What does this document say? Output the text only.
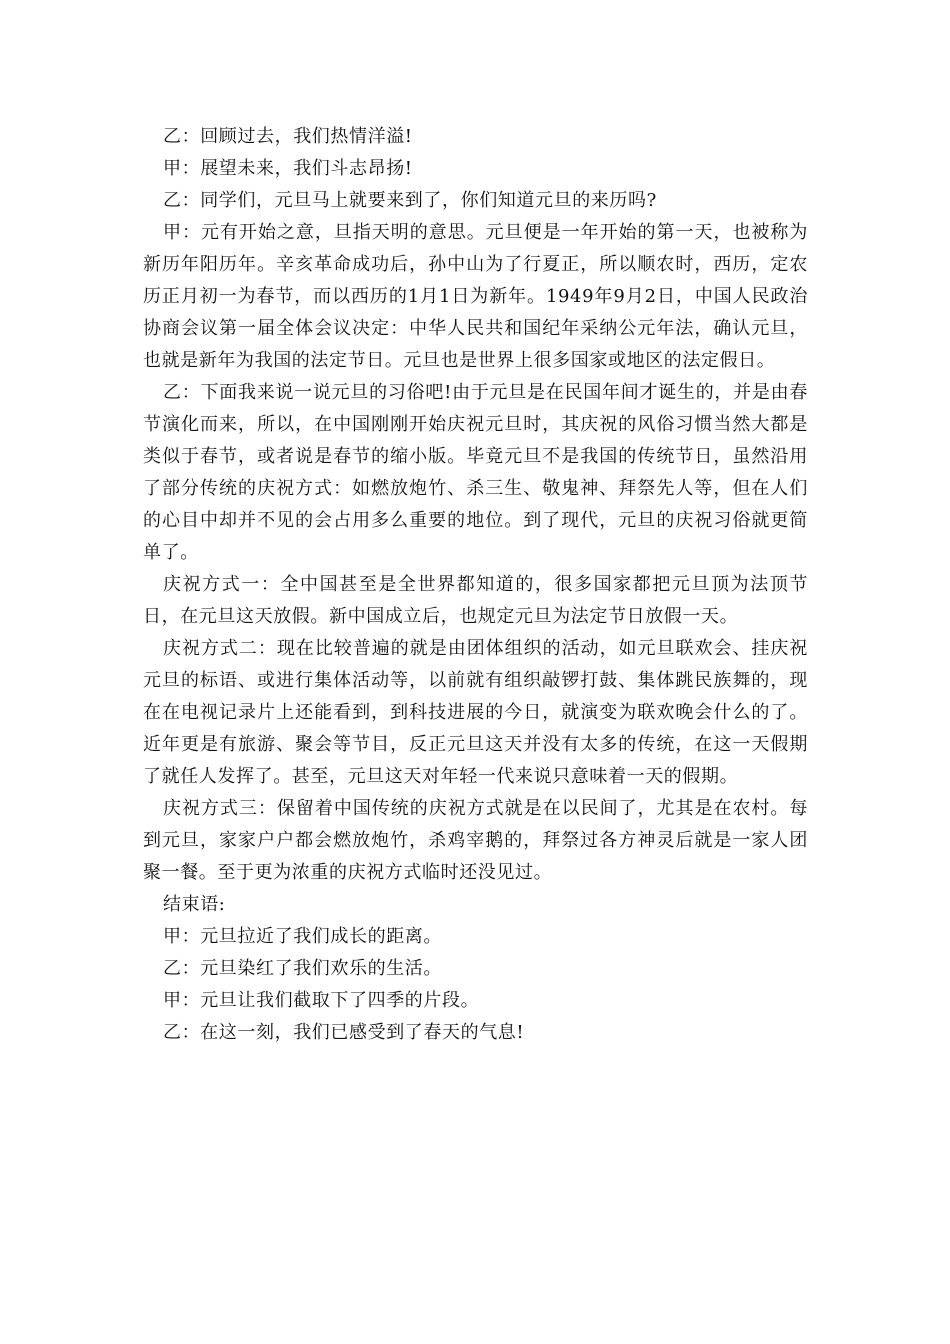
乙：回顾过去，我们热情洋溢!

甲：展望未来，我们斗志昂扬!

乙：同学们，元旦马上就要来到了，你们知道元旦的来历吗?

甲：元有开始之意，旦指天明的意思。元旦便是一年开始的第一天，也被称为新历年阳历年。辛亥革命成功后，孙中山为了行夏正，所以顺农时，西历，定农历正月初一为春节，而以西历的1月1日为新年。1949年9月2日，中国人民政治协商会议第一届全体会议决定：中华人民共和国纪年采纳公元年法，确认元旦，也就是新年为我国的法定节日。元旦也是世界上很多国家或地区的法定假日。

乙：下面我来说一说元旦的习俗吧!由于元旦是在民国年间才诞生的，并是由春节演化而来，所以，在中国刚刚开始庆祝元旦时，其庆祝的风俗习惯当然大都是类似于春节，或者说是春节的缩小版。毕竟元旦不是我国的传统节日，虽然沿用了部分传统的庆祝方式：如燃放炮竹、杀三生、敬鬼神、拜祭先人等，但在人们的心目中却并不见的会占用多么重要的地位。到了现代，元旦的庆祝习俗就更简单了。

庆祝方式一：全中国甚至是全世界都知道的，很多国家都把元旦顶为法顶节日，在元旦这天放假。新中国成立后，也规定元旦为法定节日放假一天。

庆祝方式二：现在比较普遍的就是由团体组织的活动，如元旦联欢会、挂庆祝元旦的标语、或进行集体活动等，以前就有组织敲锣打鼓、集体跳民族舞的，现在在电视记录片上还能看到，到科技进展的今日，就演变为联欢晚会什么的了。近年更是有旅游、聚会等节目，反正元旦这天并没有太多的传统，在这一天假期了就任人发挥了。甚至，元旦这天对年轻一代来说只意味着一天的假期。

庆祝方式三：保留着中国传统的庆祝方式就是在以民间了，尤其是在农村。每到元旦，家家户户都会燃放炮竹，杀鸡宰鹅的，拜祭过各方神灵后就是一家人团聚一餐。至于更为浓重的庆祝方式临时还没见过。

结束语:

甲：元旦拉近了我们成长的距离。

乙：元旦染红了我们欢乐的生活。

甲：元旦让我们截取下了四季的片段。

乙：在这一刻，我们已感受到了春天的气息!
